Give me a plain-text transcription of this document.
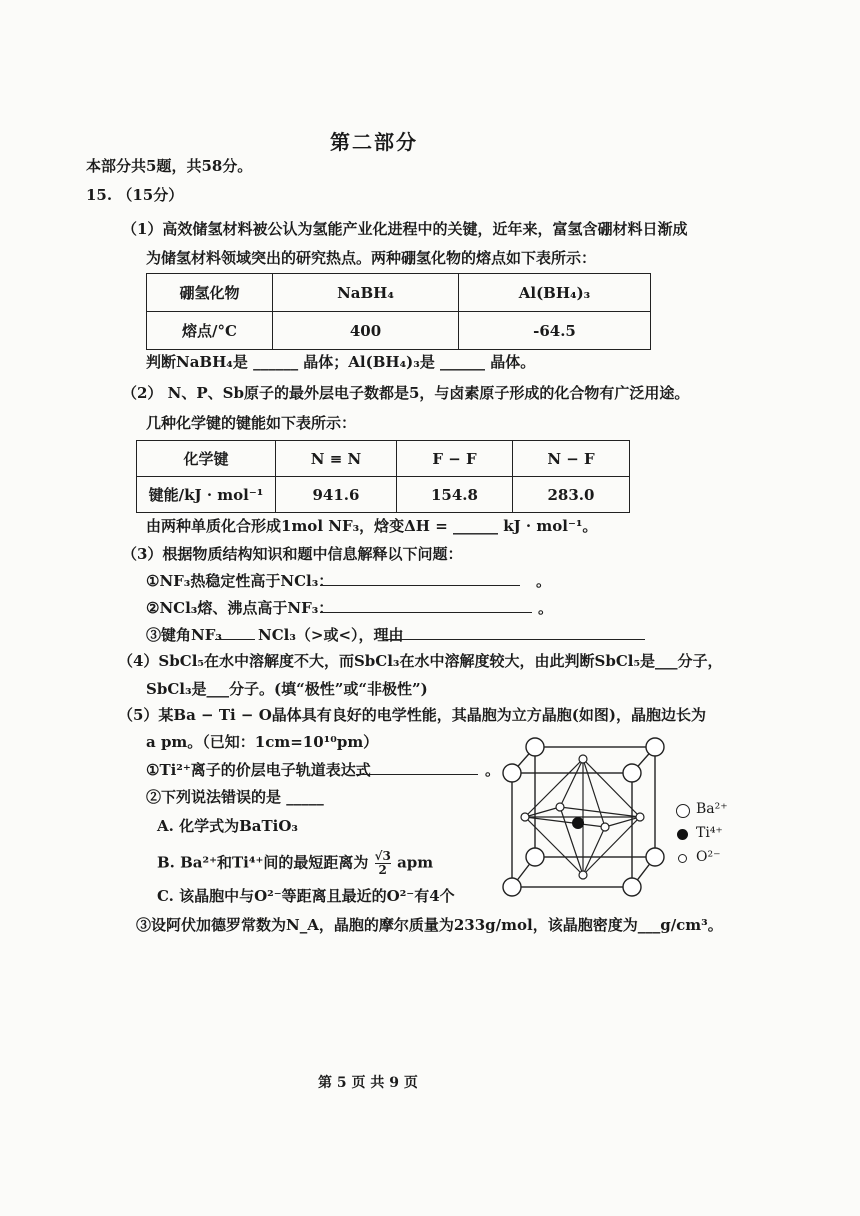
第二部分
本部分共5题，共58分。
15. （15分）
（1）高效储氢材料被公认为氢能产业化进程中的关键，近年来，富氢含硼材料日渐成
为储氢材料领域突出的研究热点。两种硼氢化物的熔点如下表所示：
硼氢化物	NaBH₄	Al(BH₄)₃
熔点/°C	400	-64.5
判断NaBH₄是 ______ 晶体；Al(BH₄)₃是 ______ 晶体。
（2） N、P、Sb原子的最外层电子数都是5，与卤素原子形成的化合物有广泛用途。
几种化学键的键能如下表所示：
化学键	N ≡ N	F − F	N − F
键能/kJ · mol⁻¹	941.6	154.8	283.0
由两种单质化合形成1mol NF₃，焓变ΔH = ______ kJ · mol⁻¹。
（3）根据物质结构知识和题中信息解释以下问题：
①NF₃热稳定性高于NCl₃：	。
②NCl₃熔、沸点高于NF₃：	。
③键角NF₃ NCl₃（>或<），理由
（4）SbCl₅在水中溶解度不大，而SbCl₃在水中溶解度较大，由此判断SbCl₅是___分子，
SbCl₃是___分子。(填“极性”或“非极性”)
（5）某Ba − Ti − O晶体具有良好的电学性能，其晶胞为立方晶胞(如图)，晶胞边长为
a pm。（已知：1cm=10¹⁰pm）
①Ti²⁺离子的价层电子轨道表达式	。
②下列说法错误的是 _____
A. 化学式为BaTiO₃
B. Ba²⁺和Ti⁴⁺间的最短距离为 $\frac{√3}{2}$ apm
C. 该晶胞中与O²⁻等距离且最近的O²⁻有4个
③设阿伏加德罗常数为N_A，晶胞的摩尔质量为233g/mol，该晶胞密度为___g/cm³。
Ba²⁺
Ti⁴⁺
O²⁻
第 5 页 共 9 页
